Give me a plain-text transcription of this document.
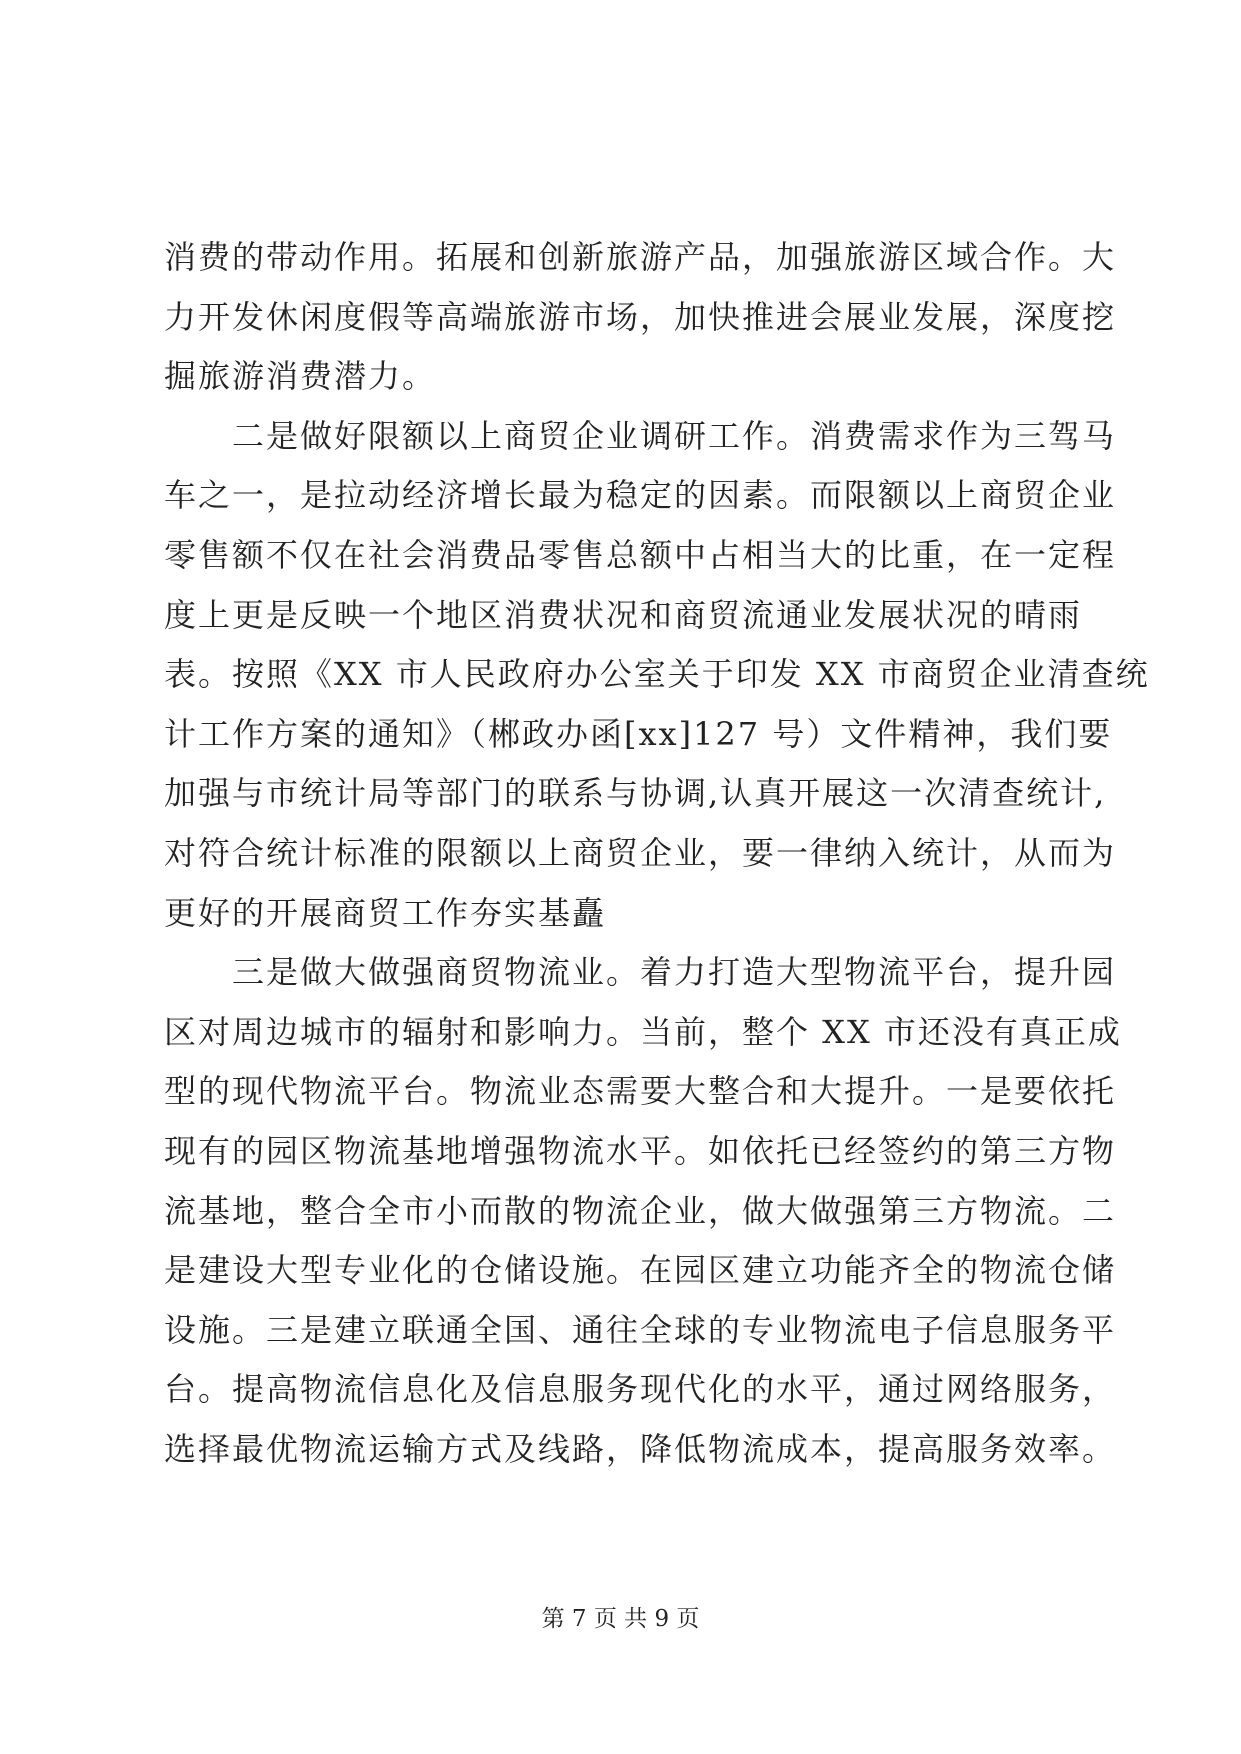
消费的带动作用。拓展和创新旅游产品，加强旅游区域合作。大
力开发休闲度假等高端旅游市场，加快推进会展业发展，深度挖
掘旅游消费潜力。
　　二是做好限额以上商贸企业调研工作。消费需求作为三驾马
车之一，是拉动经济增长最为稳定的因素。而限额以上商贸企业
零售额不仅在社会消费品零售总额中占相当大的比重，在一定程
度上更是反映一个地区消费状况和商贸流通业发展状况的晴雨
表。按照《XX 市人民政府办公室关于印发 XX 市商贸企业清查统
计工作方案的通知》（郴政办函[xx]127 号）文件精神，我们要
加强与市统计局等部门的联系与协调,认真开展这一次清查统计,
对符合统计标准的限额以上商贸企业，要一律纳入统计，从而为
更好的开展商贸工作夯实基矗
　　三是做大做强商贸物流业。着力打造大型物流平台，提升园
区对周边城市的辐射和影响力。当前，整个 XX 市还没有真正成
型的现代物流平台。物流业态需要大整合和大提升。一是要依托
现有的园区物流基地增强物流水平。如依托已经签约的第三方物
流基地，整合全市小而散的物流企业，做大做强第三方物流。二
是建设大型专业化的仓储设施。在园区建立功能齐全的物流仓储
设施。三是建立联通全国、通往全球的专业物流电子信息服务平
台。提高物流信息化及信息服务现代化的水平，通过网络服务，
选择最优物流运输方式及线路，降低物流成本，提高服务效率。
第 7 页 共 9 页
